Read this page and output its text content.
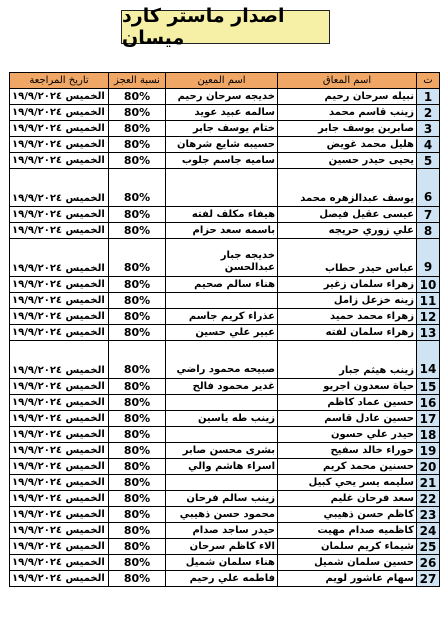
اصدار ماستر كارد ميسان
تاريخ المراجعة	نسبة العجز	اسم المعين	اسم المعاق	ت
الخميس ١٩/٩/٢٠٢٤	80%	خديجه سرحان رحيم	نبيله سرحان رحيم	1
الخميس ١٩/٩/٢٠٢٤	80%	سالمه عبيد عويد	زينب قاسم محمد	2
الخميس ١٩/٩/٢٠٢٤	80%	ختام يوسف جابر	صابرين يوسف جابر	3
الخميس ١٩/٩/٢٠٢٤	80%	حسيبه شايع شرهان	هليل محمد غويض	4
الخميس ١٩/٩/٢٠٢٤	80%	ساميه جاسم جلوب	يحيى حيدر حسين	5
الخميس ١٩/٩/٢٠٢٤	80%		يوسف عبدالزهره محمد	6
الخميس ١٩/٩/٢٠٢٤	80%	هيفاء مكلف لفته	عيسى عقيل فيصل	7
الخميس ١٩/٩/٢٠٢٤	80%	باسمه سعد حزام	علي زوري حريجه	8
الخميس ١٩/٩/٢٠٢٤	80%	خديجه جبار عبدالحسن	عباس حيدر حطاب	9
الخميس ١٩/٩/٢٠٢٤	80%	هناء سالم صحيم	زهراء سلمان زغير	10
الخميس ١٩/٩/٢٠٢٤	80%		زينه خزعل زامل	11
الخميس ١٩/٩/٢٠٢٤	80%	عذراء كريم جاسم	زهراء محمد حميد	12
الخميس ١٩/٩/٢٠٢٤	80%	عبير علي حسين	زهراء سلمان لفته	13
الخميس ١٩/٩/٢٠٢٤	80%	صبيحه محمود راضي	زينب هيثم جبار	14
الخميس ١٩/٩/٢٠٢٤	80%	غدير محمود فالح	حياة سعدون اجريو	15
الخميس ١٩/٩/٢٠٢٤	80%		حسين عماد كاظم	16
الخميس ١٩/٩/٢٠٢٤	80%	زينب طه ياسين	حسين عادل قاسم	17
الخميس ١٩/٩/٢٠٢٤	80%		حيدر علي حسون	18
الخميس ١٩/٩/٢٠٢٤	80%	بشرى محسن صابر	حوراء خالد سفيح	19
الخميس ١٩/٩/٢٠٢٤	80%	اسراء هاشم والي	حسنين محمد كريم	20
الخميس ١٩/٩/٢٠٢٤	80%		سليمه يسر يحي كبيل	21
الخميس ١٩/٩/٢٠٢٤	80%	زينب سالم فرحان	سعد فرحان غليم	22
الخميس ١٩/٩/٢٠٢٤	80%	محمود حسن ذهيبي	كاظم حسن ذهيبي	23
الخميس ١٩/٩/٢٠٢٤	80%	حيدر ساجد صدام	كاظميه صدام مهيت	24
الخميس ١٩/٩/٢٠٢٤	80%	الاء كاظم سرحان	شيماء كريم سلمان	25
الخميس ١٩/٩/٢٠٢٤	80%	هناء سلمان شميل	حسين سلمان شميل	26
الخميس ١٩/٩/٢٠٢٤	80%	فاطمه علي رحيم	سهام عاشور لويم	27
